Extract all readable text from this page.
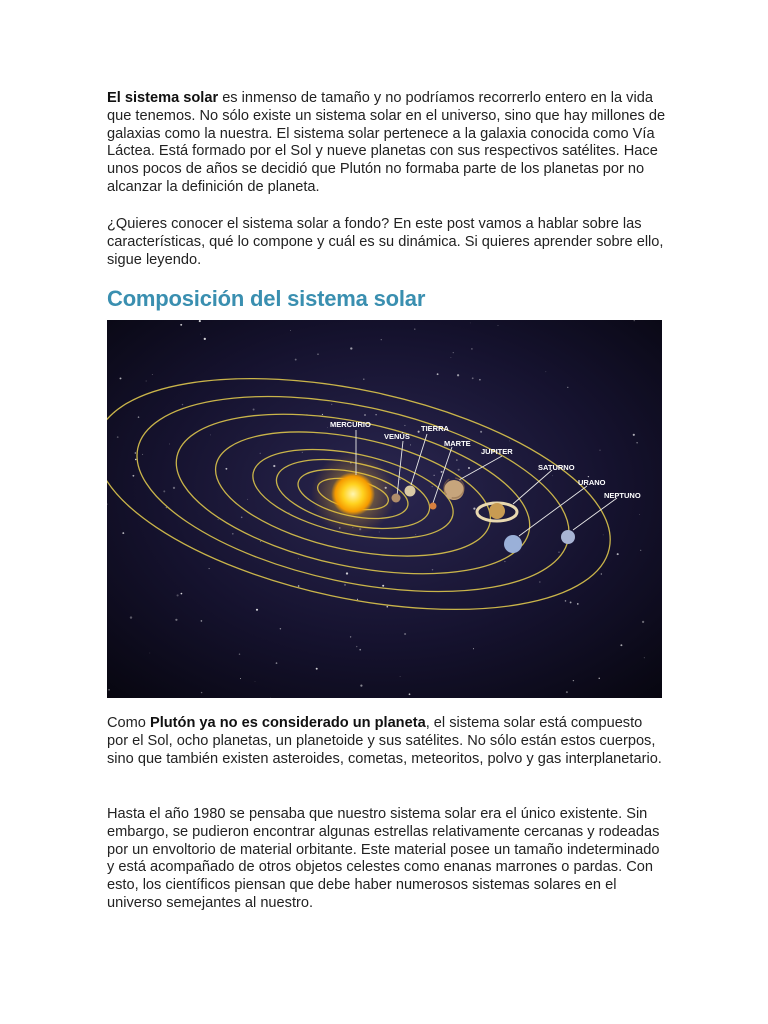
El sistema solar es inmenso de tamaño y no podríamos recorrerlo entero en la vida que tenemos. No sólo existe un sistema solar en el universo, sino que hay millones de galaxias como la nuestra. El sistema solar pertenece a la galaxia conocida como Vía Láctea. Está formado por el Sol y nueve planetas con sus respectivos satélites. Hace unos pocos de años se decidió que Plutón no formaba parte de los planetas por no alcanzar la definición de planeta.

¿Quieres conocer el sistema solar a fondo? En este post vamos a hablar sobre las características, qué lo compone y cuál es su dinámica. Si quieres aprender sobre ello, sigue leyendo.

Composición del sistema solar

Como Plutón ya no es considerado un planeta, el sistema solar está compuesto por el Sol, ocho planetas, un planetoide y sus satélites. No sólo están estos cuerpos, sino que también existen asteroides, cometas, meteoritos, polvo y gas interplanetario.

Hasta el año 1980 se pensaba que nuestro sistema solar era el único existente. Sin embargo, se pudieron encontrar algunas estrellas relativamente cercanas y rodeadas por un envoltorio de material orbitante. Este material posee un tamaño indeterminado y está acompañado de otros objetos celestes como enanas marrones o pardas. Con esto, los científicos piensan que debe haber numerosos sistemas solares en el universo semejantes al nuestro.

MERCURIO
VENÚS
TIERRA
MARTE
JUPITER
SATURNO
URANO
NEPTUNO
